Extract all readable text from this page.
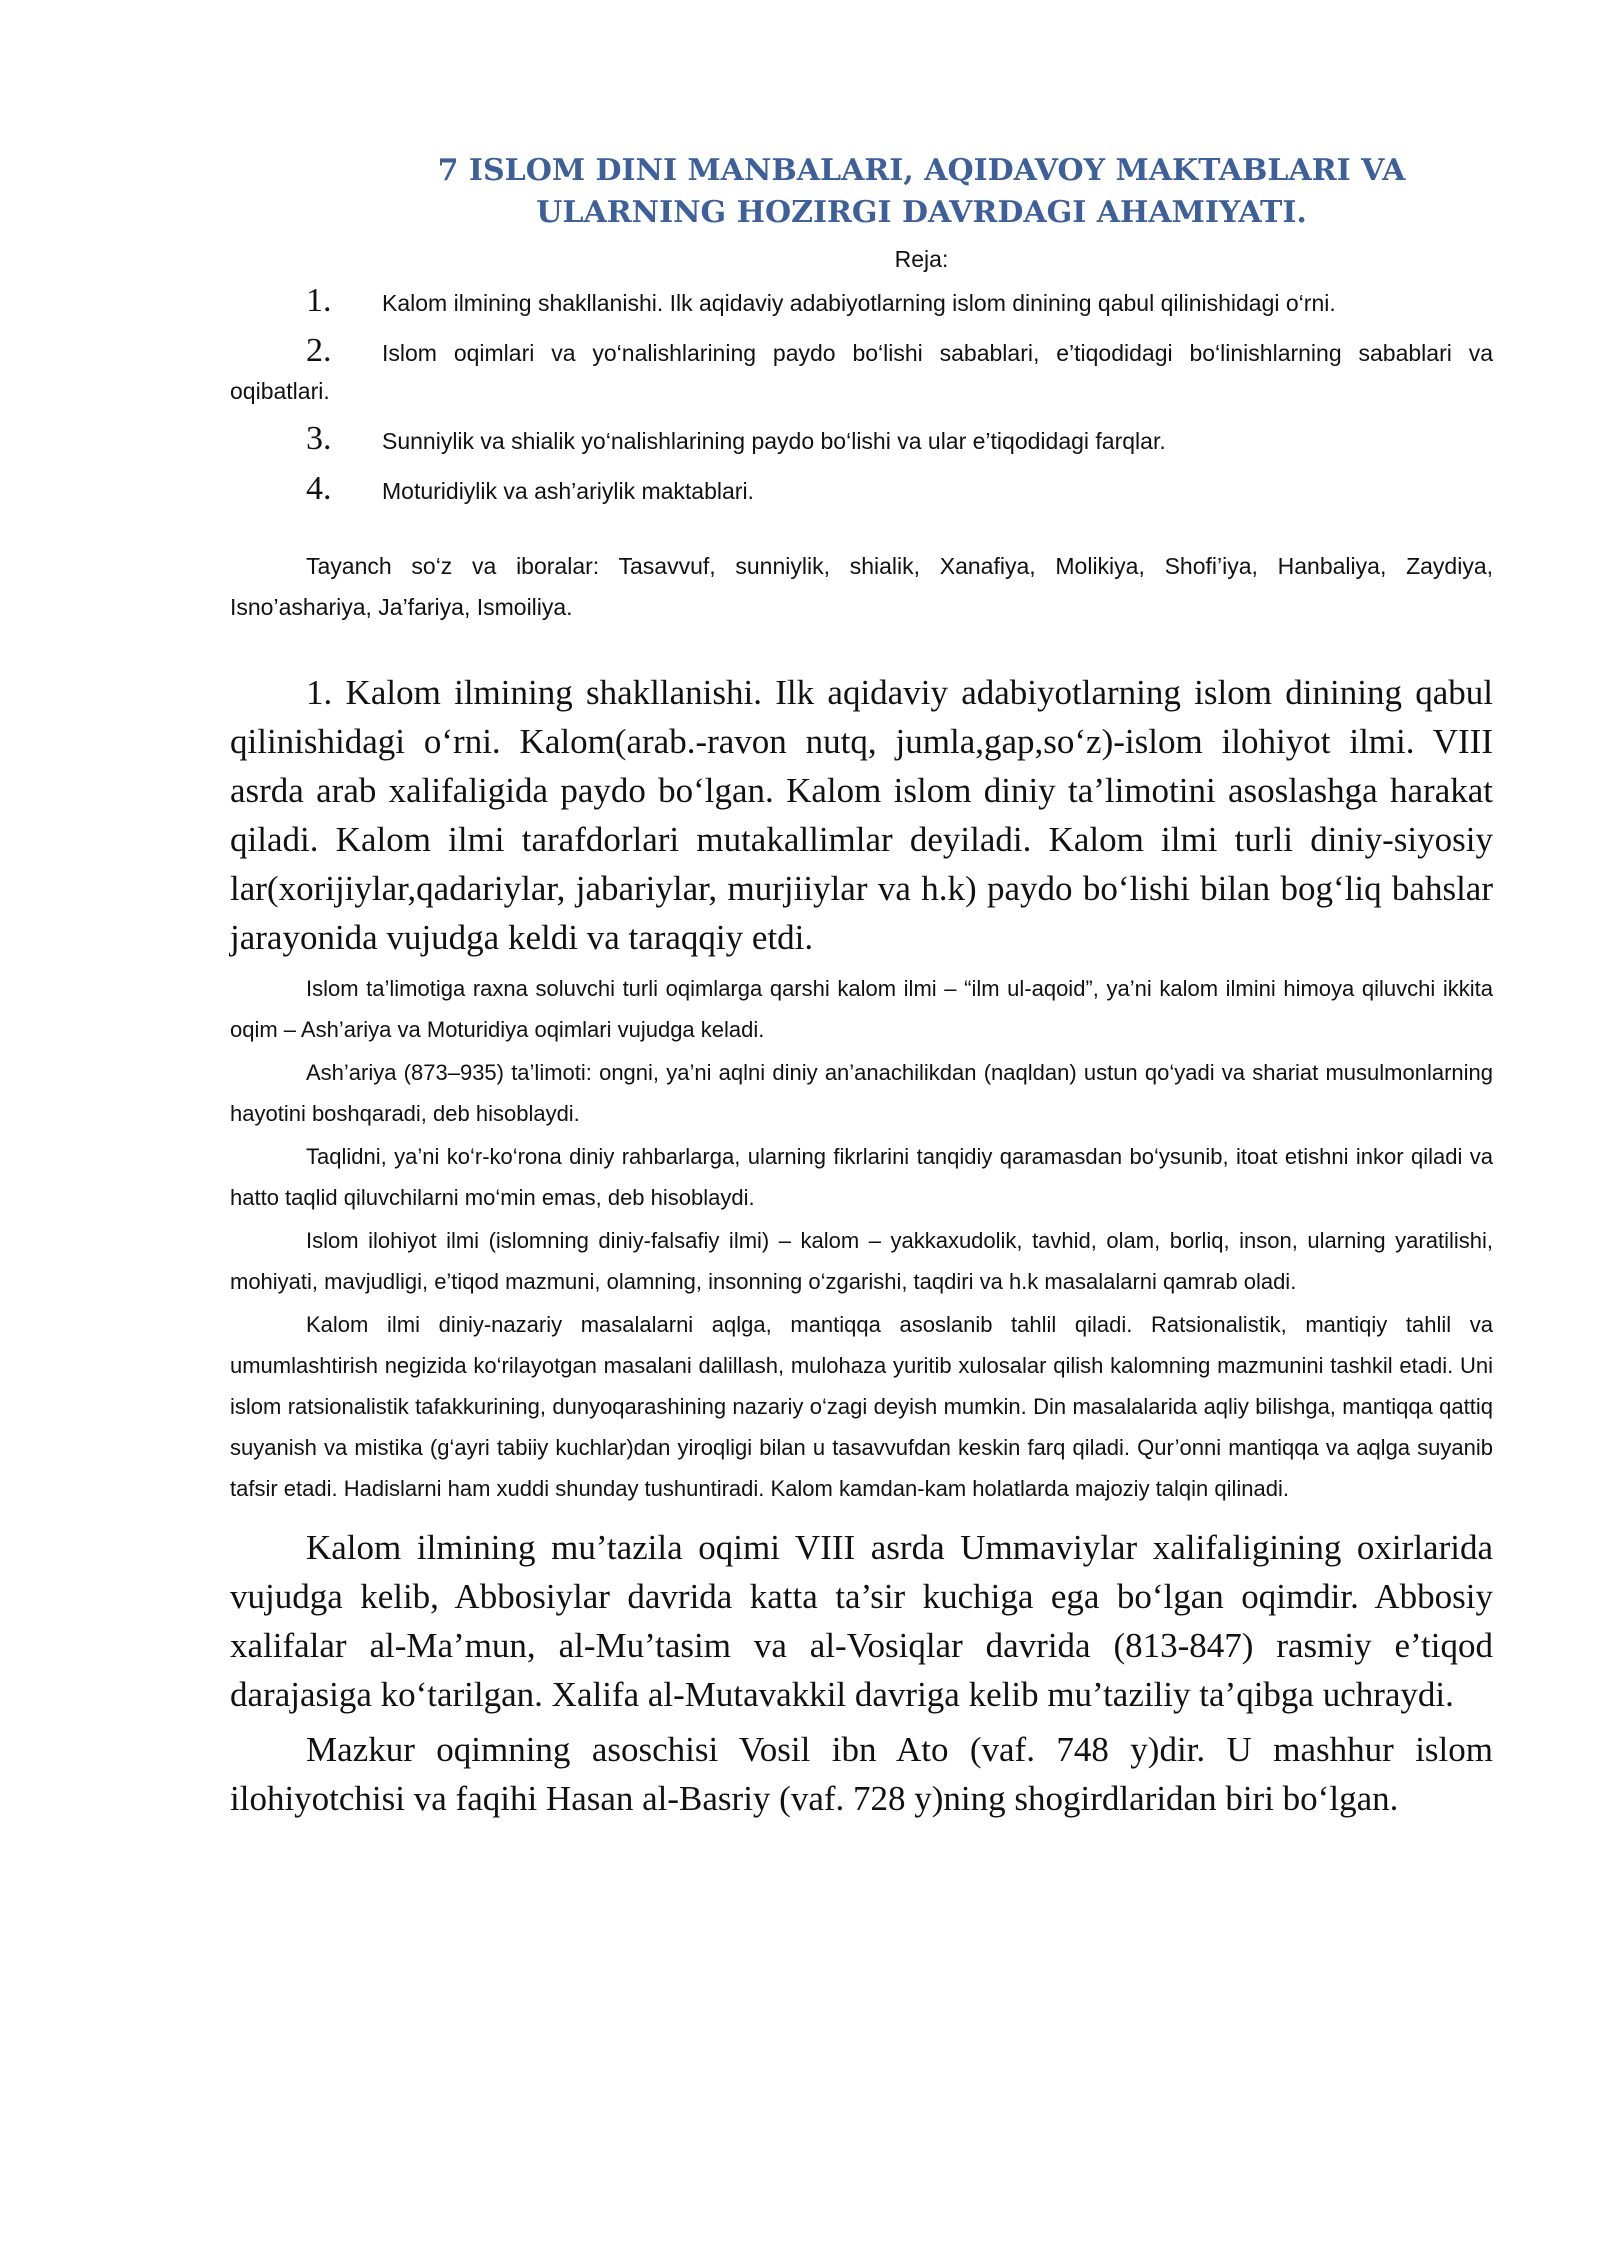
7 ISLOM DINI MANBALARI, AQIDAVOY MAKTABLARI VA ULARNING HOZIRGI DAVRDAGI AHAMIYATI.
Reja:

1. Kalom ilmining shakllanishi. Ilk aqidaviy adabiyotlarning islom dinining qabul qilinishidagi o‘rni.

2. Islom oqimlari va yo‘nalishlarining paydo bo‘lishi sabablari, e’tiqodidagi bo‘linishlarning sabablari va oqibatlari.

3. Sunniylik va shialik yo‘nalishlarining paydo bo‘lishi va ular e’tiqodidagi farqlar.

4. Moturidiylik va ash’ariylik maktablari.

Tayanch so‘z va iboralar: Tasavvuf, sunniylik, shialik, Xanafiya, Molikiya, Shofi’iya, Hanbaliya, Zaydiya, Isno’ashariya, Ja’fariya, Ismoiliya.

1. Kalom ilmining shakllanishi. Ilk aqidaviy adabiyotlarning islom dinining qabul qilinishidagi o‘rni. Kalom(arab.-ravon nutq, jumla,gap,so‘z)-islom ilohiyot ilmi. VIII asrda arab xalifaligida paydo bo‘lgan. Kalom islom diniy ta’limotini asoslashga harakat qiladi. Kalom ilmi tarafdorlari mutakallimlar deyiladi. Kalom ilmi turli diniy-siyosiy lar(xorijiylar,qadariylar, jabariylar, murjiiylar va h.k) paydo bo‘lishi bilan bog‘liq bahslar jarayonida vujudga keldi va taraqqiy etdi.

Islom ta’limotiga raxna soluvchi turli oqimlarga qarshi kalom ilmi – “ilm ul-aqoid”, ya’ni kalom ilmini himoya qiluvchi ikkita oqim – Ash’ariya va Moturidiya oqimlari vujudga keladi.

Ash’ariya (873–935) ta’limoti: ongni, ya’ni aqlni diniy an’anachilikdan (naqldan) ustun qo‘yadi va shariat musulmonlarning hayotini boshqaradi, deb hisoblaydi.

Taqlidni, ya’ni ko‘r-ko‘rona diniy rahbarlarga, ularning fikrlarini tanqidiy qaramasdan bo‘ysunib, itoat etishni inkor qiladi va hatto taqlid qiluvchilarni mo‘min emas, deb hisoblaydi.

Islom ilohiyot ilmi (islomning diniy-falsafiy ilmi) – kalom – yakkaxudolik, tavhid, olam, borliq, inson, ularning yaratilishi, mohiyati, mavjudligi, e’tiqod mazmuni, olamning, insonning o‘zgarishi, taqdiri va h.k masalalarni qamrab oladi.

Kalom ilmi diniy-nazariy masalalarni aqlga, mantiqqa asoslanib tahlil qiladi. Ratsionalistik, mantiqiy tahlil va umumlashtirish negizida ko‘rilayotgan masalani dalillash, mulohaza yuritib xulosalar qilish kalomning mazmunini tashkil etadi. Uni islom ratsionalistik tafakkurining, dunyoqarashining nazariy o‘zagi deyish mumkin. Din masalalarida aqliy bilishga, mantiqqa qattiq suyanish va mistika (g‘ayri tabiiy kuchlar)dan yiroqligi bilan u tasavvufdan keskin farq qiladi. Qur’onni mantiqqa va aqlga suyanib tafsir etadi. Hadislarni ham xuddi shunday tushuntiradi. Kalom kamdan-kam holatlarda majoziy talqin qilinadi.

Kalom ilmining mu’tazila oqimi VIII asrda Ummaviylar xalifaligining oxirlarida vujudga kelib, Abbosiylar davrida katta ta’sir kuchiga ega bo‘lgan oqimdir. Abbosiy xalifalar al-Ma’mun, al-Mu’tasim va al-Vosiqlar davrida (813-847) rasmiy e’tiqod darajasiga ko‘tarilgan. Xalifa al-Mutavakkil davriga kelib mu’taziliy ta’qibga uchraydi.

Mazkur oqimning asoschisi Vosil ibn Ato (vaf. 748 y)dir. U mashhur islom ilohiyotchisi va faqihi Hasan al-Basriy (vaf. 728 y)ning shogirdlaridan biri bo‘lgan.
